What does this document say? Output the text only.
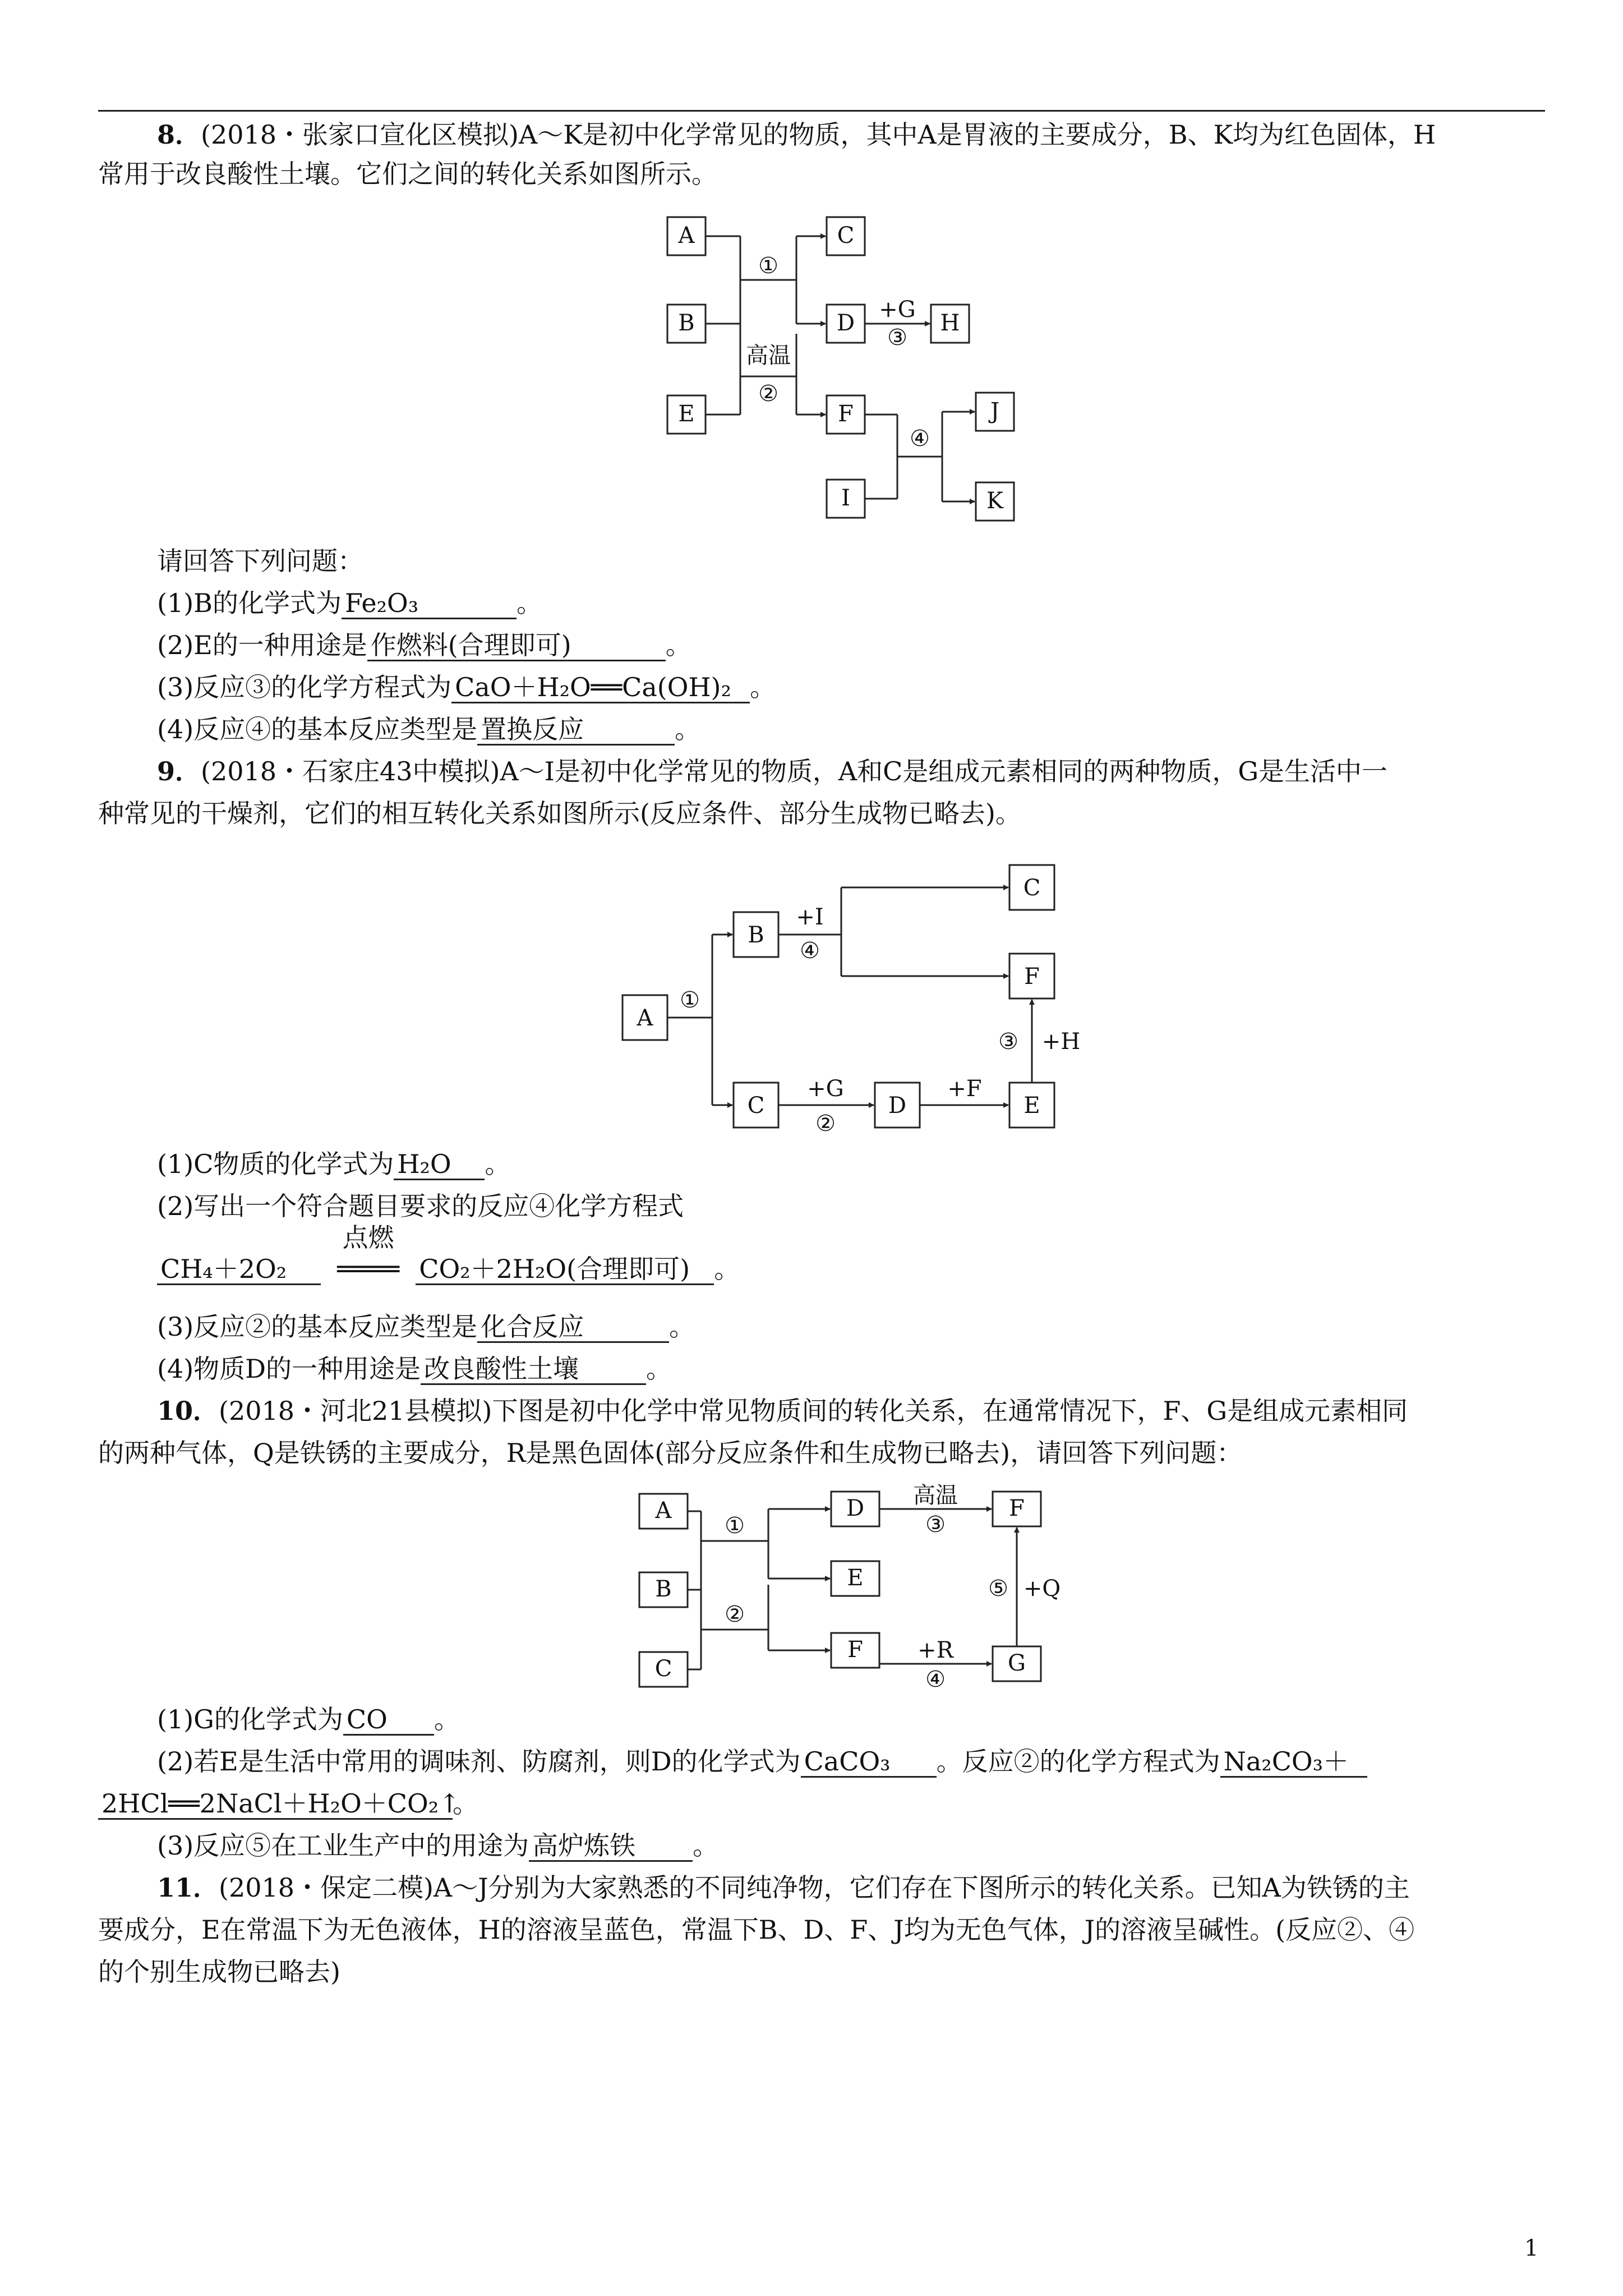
8．(2018・张家口宣化区模拟)A～K是初中化学常见的物质，其中A是胃液的主要成分，B、K均为红色固体，H
常用于改良酸性土壤。它们之间的转化关系如图所示。
A
B
E
C
D	H
F
I
J
K
①
高温
②
+G
③
④
请回答下列问题：
(1)B的化学式为 Fe₂O₃	。
(2)E的一种用途是 作燃料(合理即可)	。
(3)反应③的化学方程式为 CaO＋H₂O══Ca(OH)₂ 。
(4)反应④的基本反应类型是 置换反应	。
9．(2018・石家庄43中模拟)A～I是初中化学常见的物质，A和C是组成元素相同的两种物质，G是生活中一
种常见的干燥剂，它们的相互转化关系如图所示(反应条件、部分生成物已略去)。
A
B
C
F
C	D	E
①
+I
④
+G
②
+F
③ +H
(1)C物质的化学式为 H₂O 。
(2)写出一个符合题目要求的反应④化学方程式
CH₄＋2O₂
点燃
════ CO₂＋2H₂O(合理即可) 。
(3)反应②的基本反应类型是 化合反应	。
(4)物质D的一种用途是 改良酸性土壤	。
10．(2018・河北21县模拟)下图是初中化学中常见物质间的转化关系，在通常情况下，F、G是组成元素相同
的两种气体，Q是铁锈的主要成分，R是黑色固体(部分反应条件和生成物已略去)，请回答下列问题：
A
B
C
D
E
F
F
G
①
②
高温
③
+R
④
⑤ +Q
(1)G的化学式为 CO 。
(2)若E是生活中常用的调味剂、防腐剂，则D的化学式为 CaCO₃ 。反应②的化学方程式为 Na₂CO₃＋
2HCl══2NaCl＋H₂O＋CO₂↑。
(3)反应⑤在工业生产中的用途为 高炉炼铁 。
11．(2018・保定二模)A～J分别为大家熟悉的不同纯净物，它们存在下图所示的转化关系。已知A为铁锈的主
要成分，E在常温下为无色液体，H的溶液呈蓝色，常温下B、D、F、J均为无色气体，J的溶液呈碱性。(反应②、④
的个别生成物已略去)
1
